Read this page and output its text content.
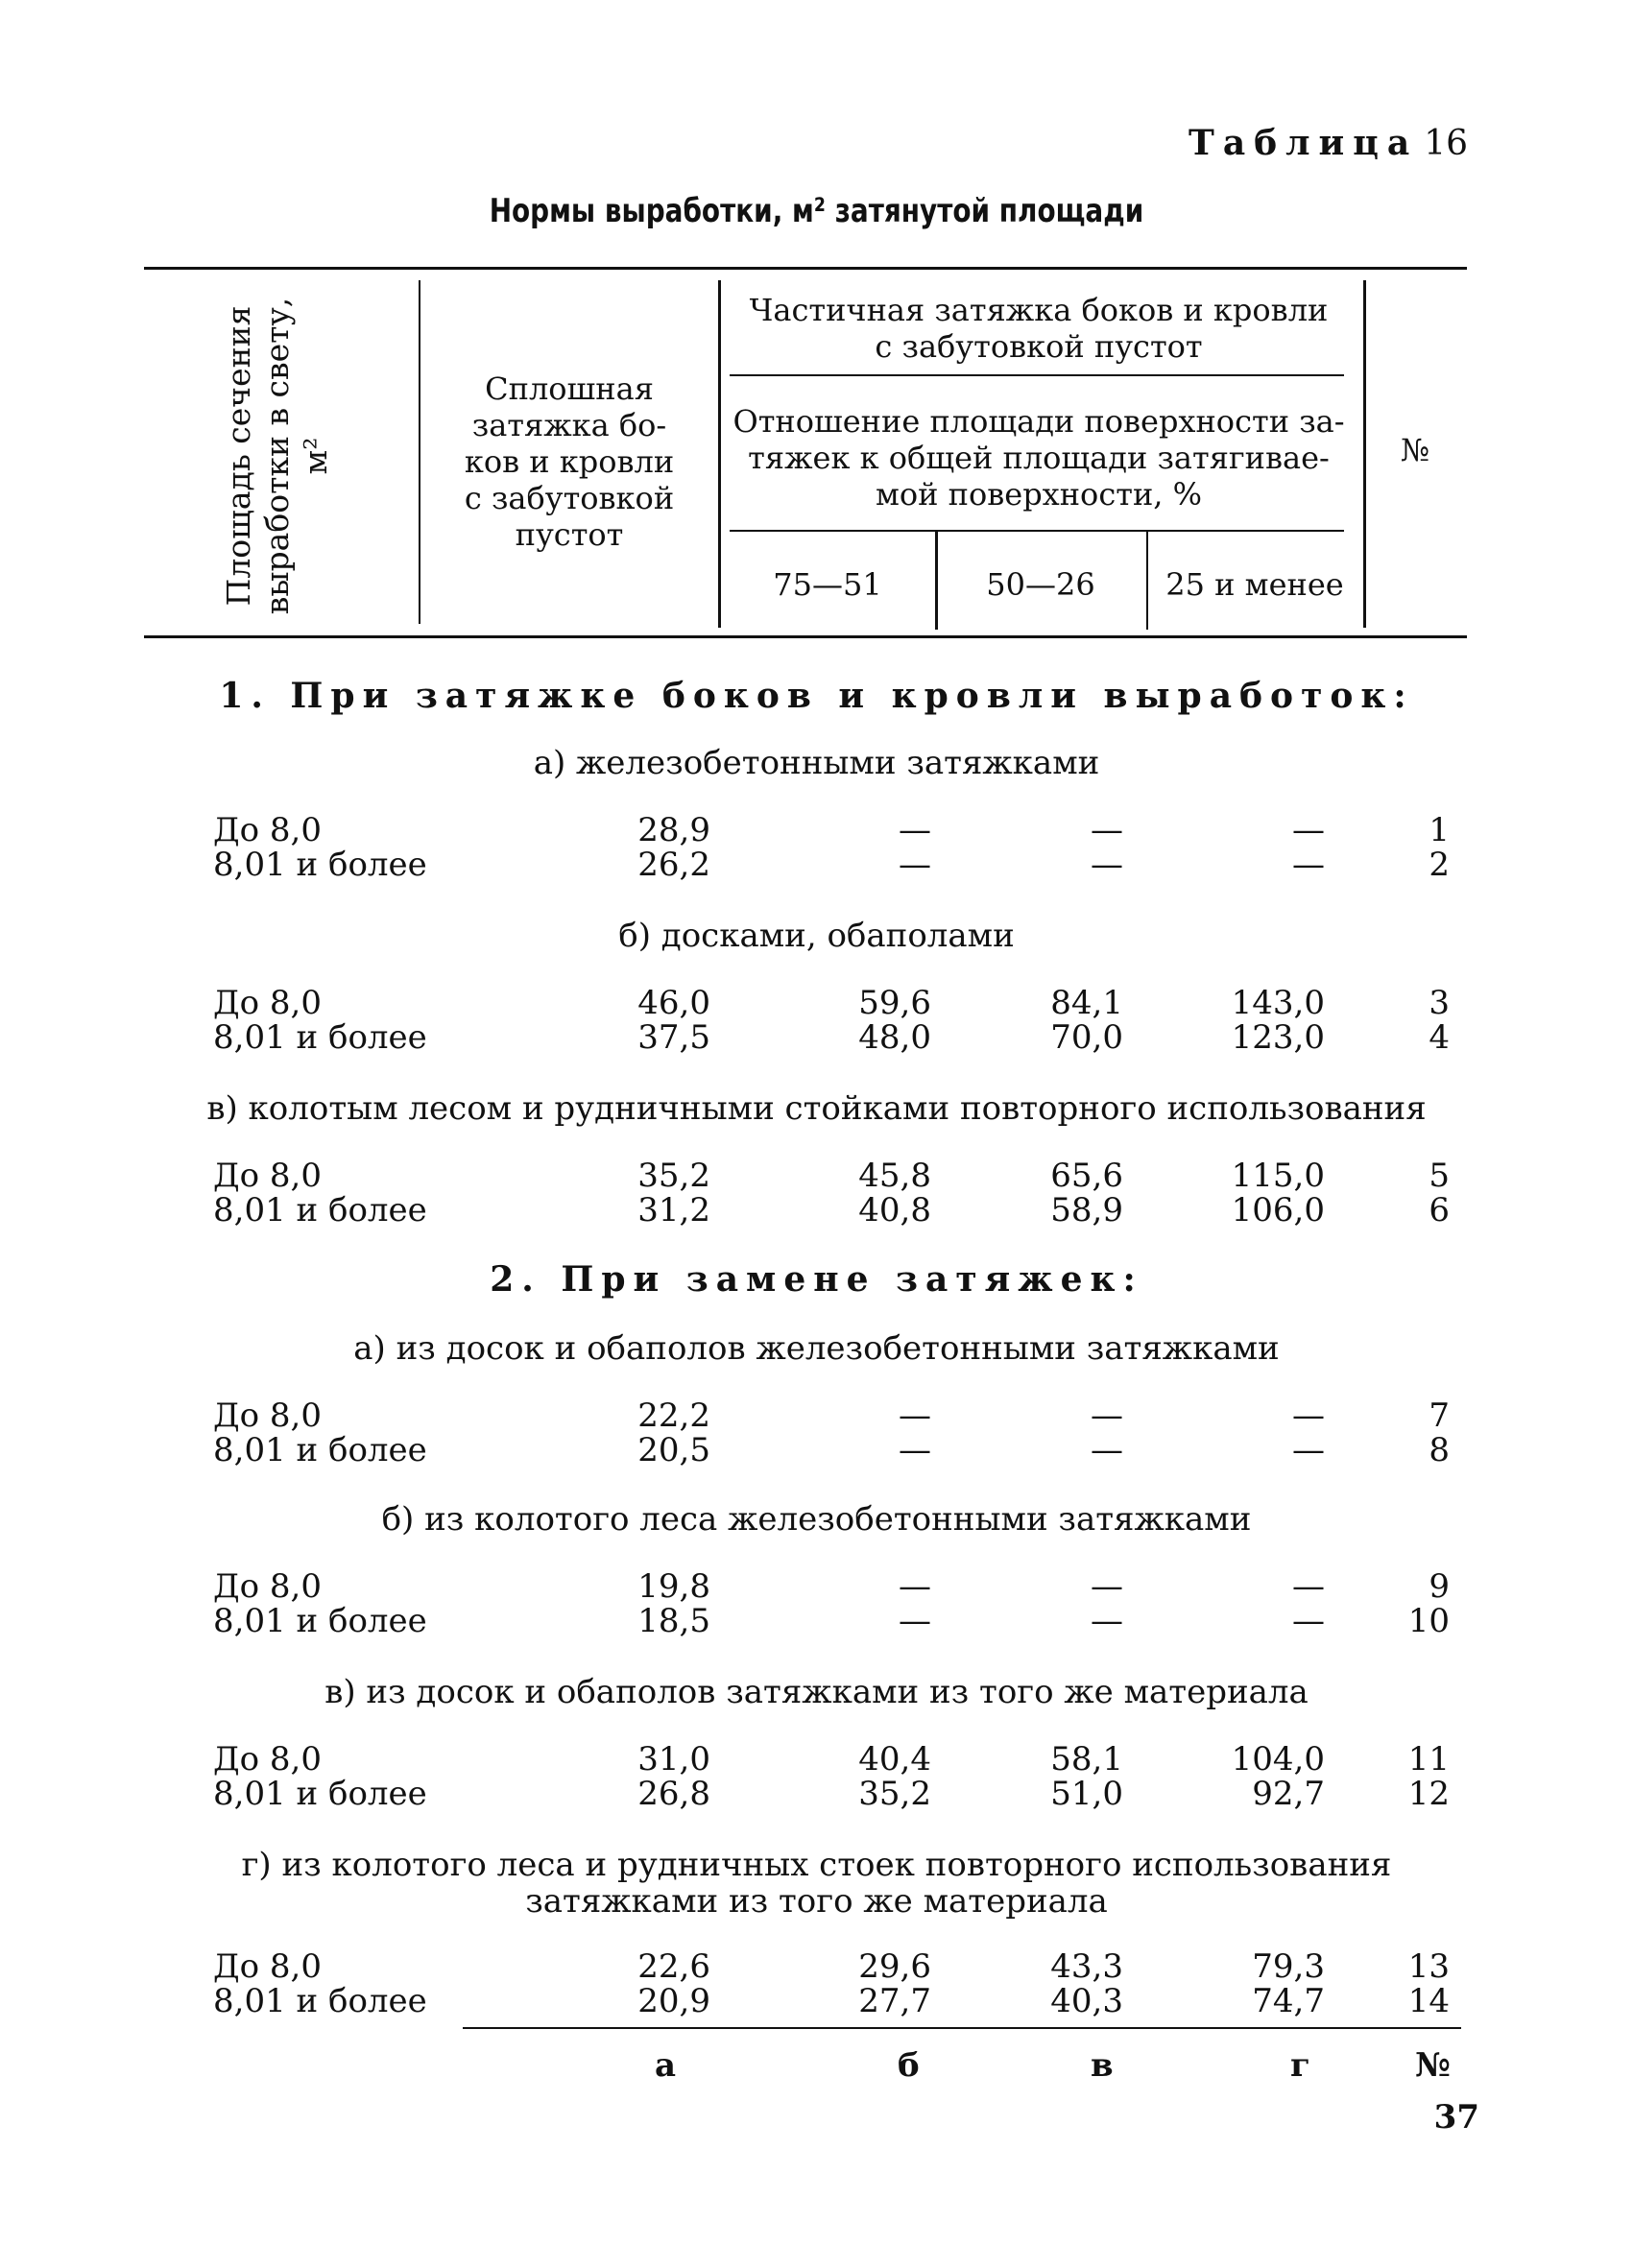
Таблица 16
Нормы выработки, м² затянутой площади
Площадь сечения выработки в свету, м²
Сплошная
затяжка бо-
ков и кровли
с забутовкой
пустот
Частичная затяжка боков и кровли
с забутовкой пустот
Отношение площади поверхности за-
тяжек к общей площади затягивае-
мой поверхности, %
75—51	50—26	25 и менее
№
1. При затяжке боков и кровли выработок:
а) железобетонными затяжками
До 8,0	28,9	—	—	—	1
8,01 и более	26,2	—	—	—	2
б) досками, обаполами
До 8,0	46,0	59,6	84,1	143,0	3
8,01 и более	37,5	48,0	70,0	123,0	4
в) колотым лесом и рудничными стойками повторного использования
До 8,0	35,2	45,8	65,6	115,0	5
8,01 и более	31,2	40,8	58,9	106,0	6
2. При замене затяжек:
а) из досок и обаполов железобетонными затяжками
До 8,0	22,2	—	—	—	7
8,01 и более	20,5	—	—	—	8
б) из колотого леса железобетонными затяжками
До 8,0	19,8	—	—	—	9
8,01 и более	18,5	—	—	—	10
в) из досок и обаполов затяжками из того же материала
До 8,0	31,0	40,4	58,1	104,0	11
8,01 и более	26,8	35,2	51,0	92,7	12
г) из колотого леса и рудничных стоек повторного использования
затяжками из того же материала
До 8,0	22,6	29,6	43,3	79,3	13
8,01 и более	20,9	27,7	40,3	74,7	14
а	б	в	г	№
37
